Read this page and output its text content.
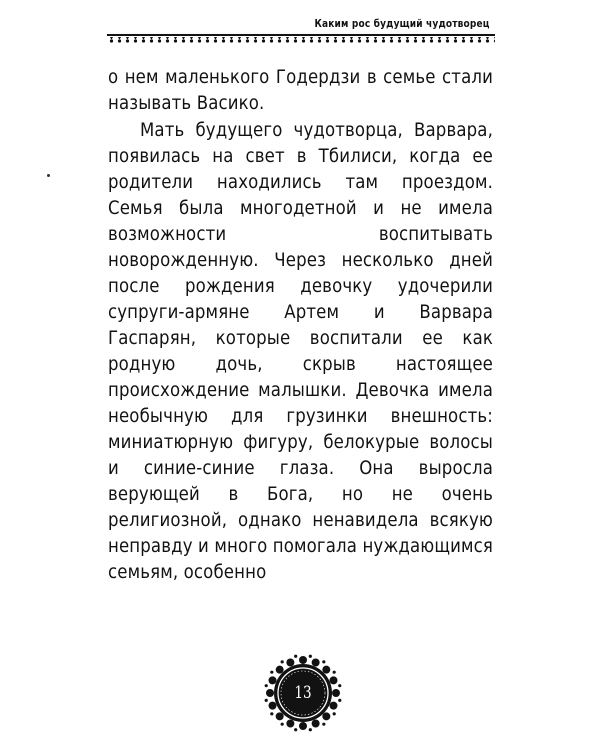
Каким рос будущий чудотворец

о нем маленького Годердзи в семье стали называть Васико.

Мать будущего чудотворца, Варвара, появилась на свет в Тбилиси, когда ее родители находились там проездом. Семья была многодетной и не имела возможности воспитывать новорожденную. Через несколько дней после рождения девочку удочерили супруги-армяне Артем и Варвара Гаспарян, которые воспитали ее как родную дочь, скрыв настоящее происхождение малышки. Девочка имела необычную для грузинки внешность: миниатюрную фигуру, белокурые волосы и синие-синие глаза. Она выросла верующей в Бога, но не очень религиозной, однако ненавидела всякую неправду и много помогала нуждающимся семьям, особенно

13
